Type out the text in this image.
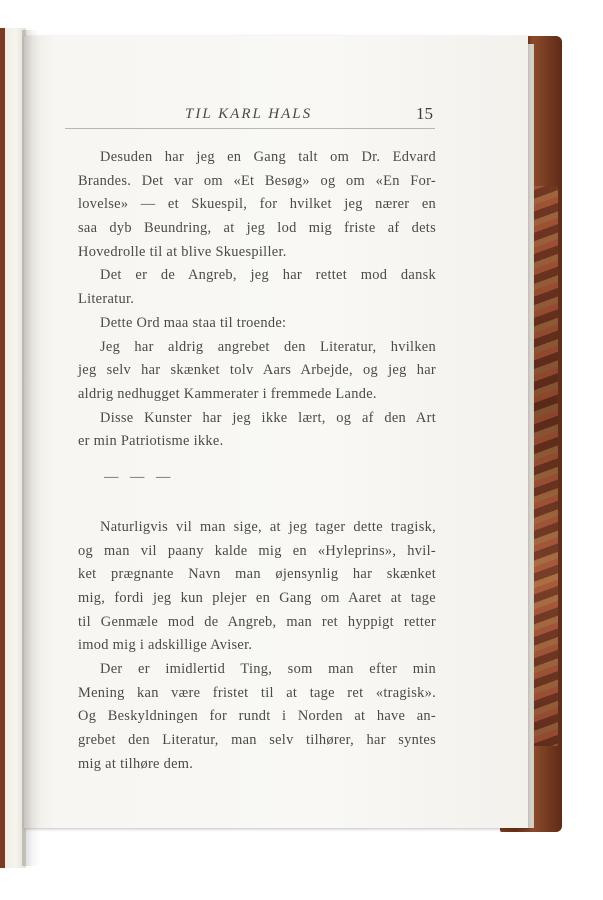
TIL KARL HALS	15
Desuden har jeg en Gang talt om Dr. Edvard
Brandes. Det var om «Et Besøg» og om «En For-
lovelse» — et Skuespil, for hvilket jeg nærer en
saa dyb Beundring, at jeg lod mig friste af dets
Hovedrolle til at blive Skuespiller.
Det er de Angreb, jeg har rettet mod dansk
Literatur.
Dette Ord maa staa til troende:
Jeg har aldrig angrebet den Literatur, hvilken
jeg selv har skænket tolv Aars Arbejde, og jeg har
aldrig nedhugget Kammerater i fremmede Lande.
Disse Kunster har jeg ikke lært, og af den Art
er min Patriotisme ikke.
— — —
Naturligvis vil man sige, at jeg tager dette tragisk,
og man vil paany kalde mig en «Hyleprins», hvil-
ket prægnante Navn man øjensynlig har skænket
mig, fordi jeg kun plejer en Gang om Aaret at tage
til Genmæle mod de Angreb, man ret hyppigt retter
imod mig i adskillige Aviser.
Der er imidlertid Ting, som man efter min
Mening kan være fristet til at tage ret «tragisk».
Og Beskyldningen for rundt i Norden at have an-
grebet den Literatur, man selv tilhører, har syntes
mig at tilhøre dem.
